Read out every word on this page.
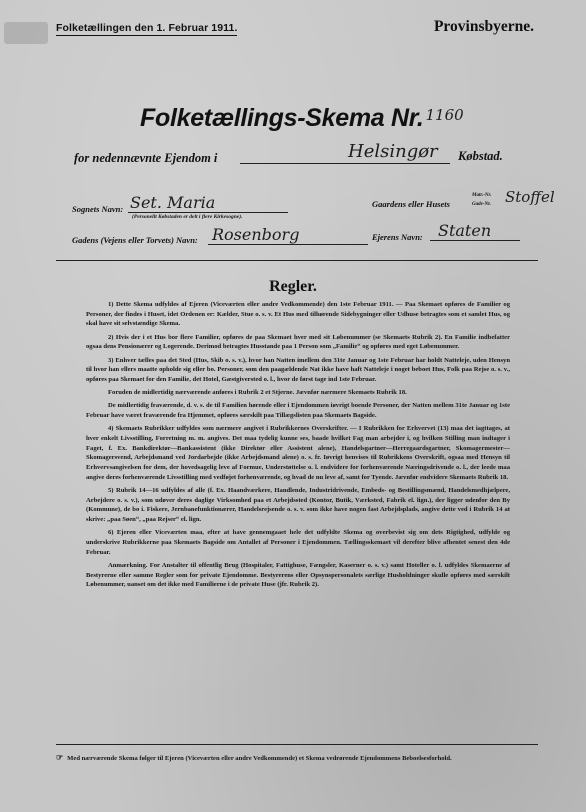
Folketællingen den 1. Februar 1911.	Provinsbyerne.
Folketællings-Skema Nr. 1160
for nedennævnte Ejendom i	Helsingør Købstad.
Sognets Navn: Set. Maria
(Personellt Købstaden er delt i flere Kirkesogne).
Gaardens eller Husets
Matr.-Nr.
Gade-Nr. Stoffel
Gadens (Vejens eller Torvets) Navn: Rosenborg	Ejerens Navn: Staten
Regler.

1) Dette Skema udfyldes af Ejeren (Viceværten eller andre Vedkommende) den 1ste Februar 1911. — Paa Skemaet opføres de Familier og Personer, der findes i Huset, idet Ordenen er: Kælder, Stue o. s. v. Et Hus med tilhørende Sidebygninger eller Udhuse betragtes som et samlet Hus, og skal have sit selvstændige Skema.

2) Hvis der i et Hus bor flere Familier, opføres de paa Skemaet hver med sit Løbenummer (se Skemaets Rubrik 2). En Familie indbefatter ogsaa dens Pensionærer og Logerende. Derimod betragtes Husstande paa 1 Person som „Familie“ og opføres med eget Løbenummer.

3) Enhver tælles paa det Sted (Hus, Skib o. s. v.), hvor han Natten imellem den 31te Januar og 1ste Februar har holdt Natteleje, uden Hensyn til hvor han ellers maatte opholde sig eller bo. Personer, som den paagældende Nat ikke have haft Natteleje i noget beboet Hus, Folk paa Rejse o. s. v., opføres paa Skemaet for den Familie, det Hotel, Gæstgiversted o. l., hvor de først tage ind 1ste Februar.

Foruden de midlertidig nærværende anføres i Rubrik 2 et Stjerne. Jævnfør nærmere Skemaets Rubrik 18.

De midlertidig fraværende, d. v. s. de til Familien hørende eller i Ejendommen iøvrigt boende Personer, der Natten mellem 31te Januar og 1ste Februar have været fraværende fra Hjemmet, opføres særskilt paa Tillægslisten paa Skemaets Bagside.

4) Skemaets Rubrikker udfyldes som nærmere angivet i Rubrikkernes Overskrifter. — I Rubrikken for Erhvervet (13) maa det iagttages, at hver enkelt Livsstilling, Forretning m. m. angives. Det maa tydelig kunne ses, baade hvilket Fag man arbejder i, og hvilken Stilling man indtager i Faget, f. Ex. Bankdirektør—Bankassistent (ikke Direktør eller Assistent alene), Handelsgartner—Herregaardsgartner, Skomagermester—Skomagersvend, Arbejdsmand ved Jordarbejde (ikke Arbejdsmand alene) o. s. fr. Iøvrigt henvises til Rubrikkens Overskrift, ogsaa med Hensyn til Erhvervsangivelsen for dem, der hovedsagelig leve af Formue, Understøttelse o. l. endvidere for forhenværende Næringsdrivende o. l., der leede maa angive deres forhenværende Livsstilling med vedføjet forhenværende, og hvad de nu leve af, samt for Tyende. Jævnfør endvidere Skemaets Rubrik 18.

5) Rubrik 14—16 udfyldes af alle (f. Ex. Haandværkere, Handlende, Industridrivende, Embeds- og Bestillingsmænd, Handelsmedhjælpere, Arbejdere o. s. v.), som udøver deres daglige Virksomhed paa et Arbejdssted (Kontor, Butik, Værksted, Fabrik el. lign.), der ligger udenfor den By (Kommune), de bo i. Fiskere, Jernbanefunktionærer, Handelsrejsende o. s. v. som ikke have nogen fast Arbejdsplads, angive dette ved i Rubrik 14 at skrive: „paa Søen“, „paa Rejser“ el. lign.

6) Ejeren eller Viceværten maa, efter at have gennemgaaet hele det udfyldte Skema og overbevist sig om dets Rigtighed, udfylde og underskrive Rubrikkerne paa Skemaets Bagside om Antallet af Personer i Ejendommen. Tællingsskemaet vil derefter blive afhentet senest den 4de Februar.

Anmærkning. For Anstalter til offentlig Brug (Hospitaler, Fattighuse, Fængsler, Kaserner o. s. v.) samt Hoteller o. l. udfyldes Skemaerne af Bestyrerne eller samme Regler som for private Ejendomme. Bestyrerens eller Opsynspersonalets særlige Husholdninger skulle opføres med særskilt Løbenummer, uanset om det ikke med Familierne i de private Huse (jfr. Rubrik 2).

☞ Med nærværende Skema følger til Ejeren (Viceværten eller andre Vedkommende) et Skema vedrørende Ejendommens Beboelsesforhold.
